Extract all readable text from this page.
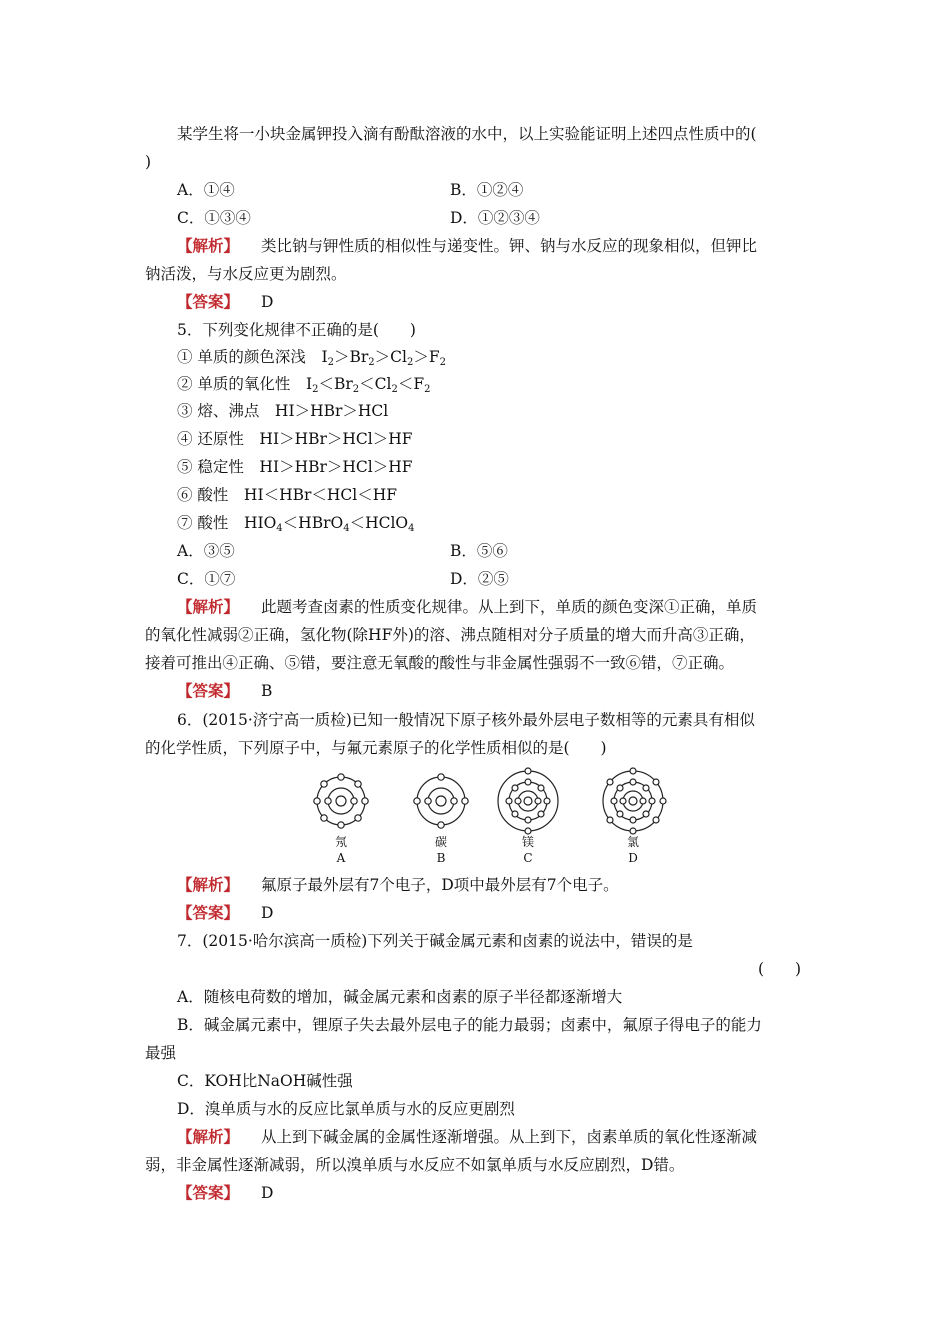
某学生将一小块金属钾投入滴有酚酞溶液的水中，以上实验能证明上述四点性质中的(
)
A．①④	B．①②④
C．①③④	D．①②③④
【解析】 类比钠与钾性质的相似性与递变性。钾、钠与水反应的现象相似，但钾比
钠活泼，与水反应更为剧烈。
【答案】 D
5．下列变化规律不正确的是(　　)
① 单质的颜色深浅　$I_2>Br_2>Cl_2>F_2$
② 单质的氧化性　$I_2<Br_2<Cl_2<F_2$
③ 熔、沸点　HI＞HBr＞HCl
④ 还原性　HI＞HBr＞HCl＞HF
⑤ 稳定性　HI＞HBr＞HCl＞HF
⑥ 酸性　HI＜HBr＜HCl＜HF
⑦ 酸性　$HIO_4<HBrO_4<HClO_4$
A．③⑤	B．⑤⑥
C．①⑦	D．②⑤
【解析】 此题考查卤素的性质变化规律。从上到下，单质的颜色变深①正确，单质
的氧化性减弱②正确，氢化物(除HF外)的溶、沸点随相对分子质量的增大而升高③正确，
接着可推出④正确、⑤错，要注意无氧酸的酸性与非金属性强弱不一致⑥错，⑦正确。
【答案】 B
6．(2015·济宁高一质检)已知一般情况下原子核外最外层电子数相等的元素具有相似
的化学性质，下列原子中，与氟元素原子的化学性质相似的是(　　)
氖
A
碳
B
镁
C
氯
D
【解析】 氟原子最外层有7个电子，D项中最外层有7个电子。
【答案】 D
7．(2015·哈尔滨高一质检)下列关于碱金属元素和卤素的说法中，错误的是
(　　)
A．随核电荷数的增加，碱金属元素和卤素的原子半径都逐渐增大
B．碱金属元素中，锂原子失去最外层电子的能力最弱；卤素中，氟原子得电子的能力
最强
C．KOH比NaOH碱性强
D．溴单质与水的反应比氯单质与水的反应更剧烈
【解析】 从上到下碱金属的金属性逐渐增强。从上到下，卤素单质的氧化性逐渐减
弱，非金属性逐渐减弱，所以溴单质与水反应不如氯单质与水反应剧烈，D错。
【答案】 D
